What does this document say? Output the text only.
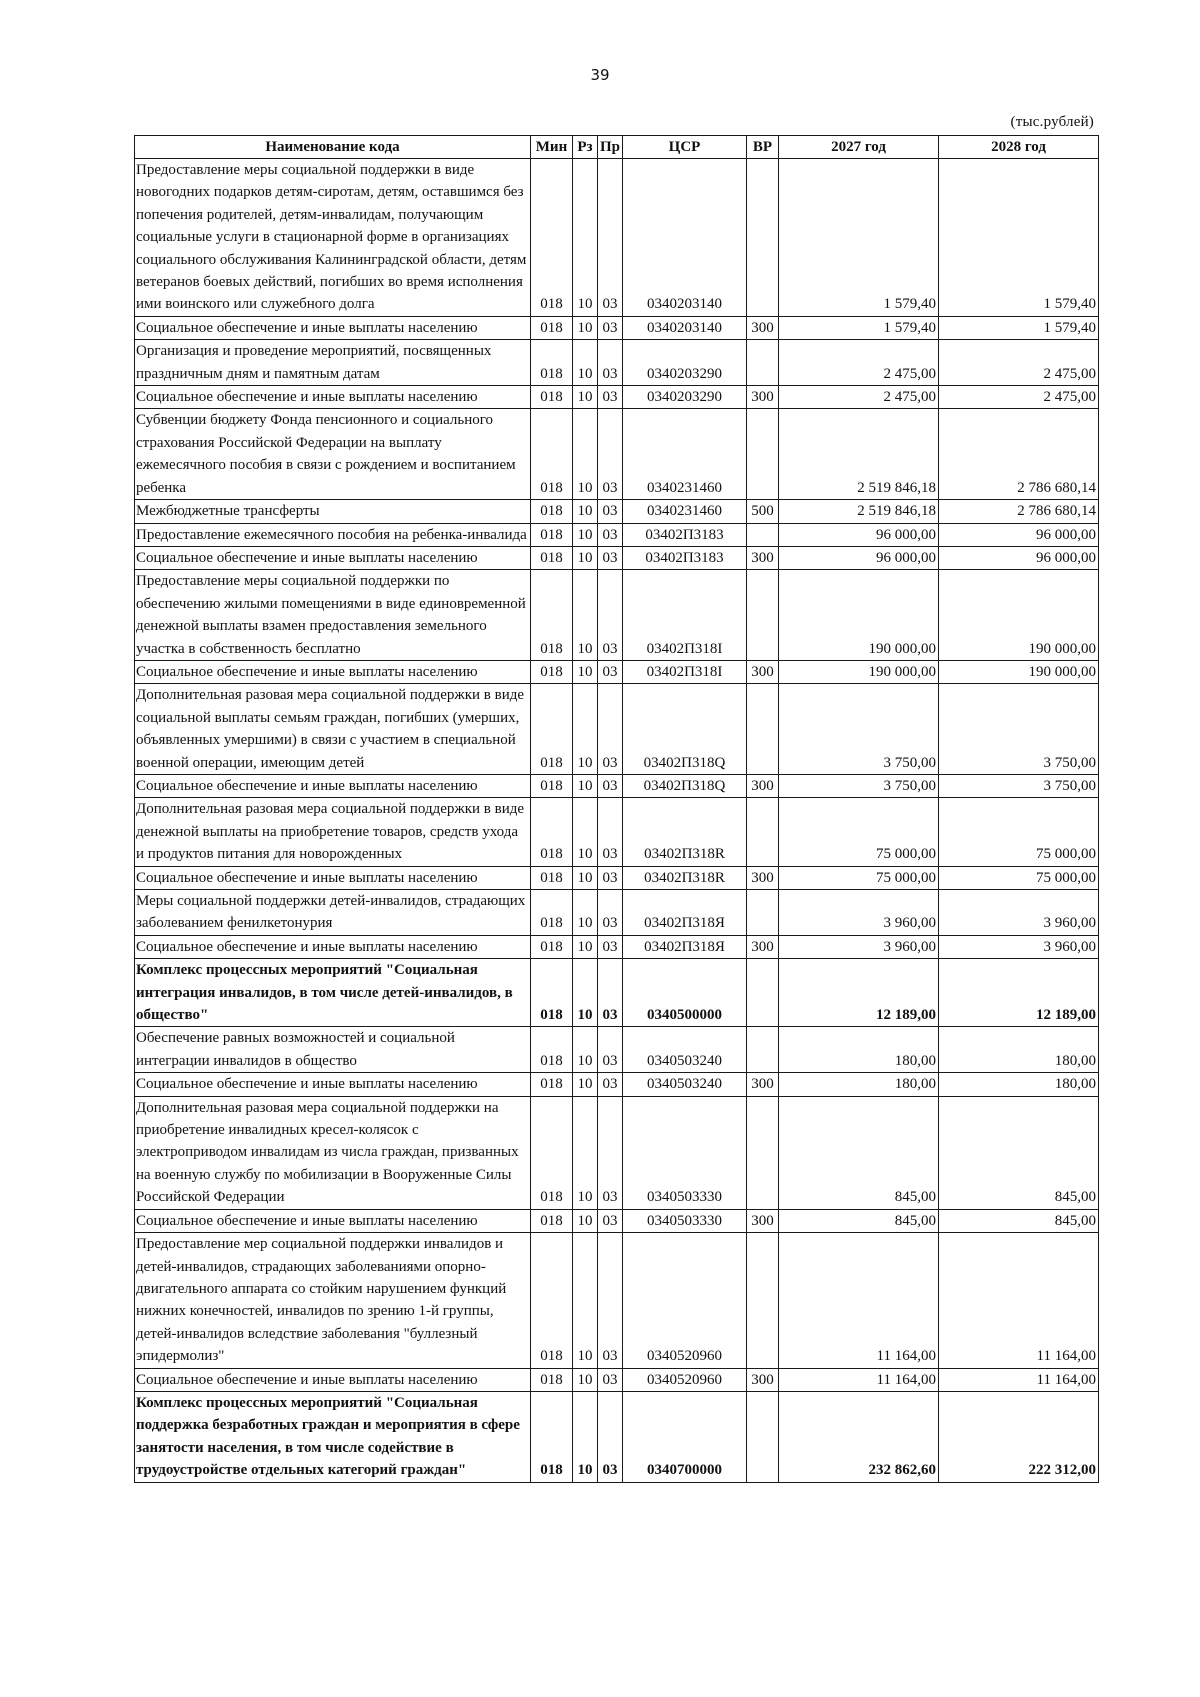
39
(тыс.рублей)
Наименование кода	Мин	Рз	Пр	ЦСР	ВР	2027 год	2028 год
Предоставление меры социальной поддержки в виде новогодних подарков детям-сиротам, детям, оставшимся без попечения родителей, детям-инвалидам, получающим социальные услуги в стационарной форме в организациях социального обслуживания Калининградской области, детям ветеранов боевых действий, погибших во время исполнения ими воинского или служебного долга	018	10	03	0340203140		1 579,40	1 579,40
Социальное обеспечение и иные выплаты населению	018	10	03	0340203140	300	1 579,40	1 579,40
Организация и проведение мероприятий, посвященных праздничным дням и памятным датам	018	10	03	0340203290		2 475,00	2 475,00
Социальное обеспечение и иные выплаты населению	018	10	03	0340203290	300	2 475,00	2 475,00
Субвенции бюджету Фонда пенсионного и социального страхования Российской Федерации на выплату ежемесячного пособия в связи с рождением и воспитанием ребенка	018	10	03	0340231460		2 519 846,18	2 786 680,14
Межбюджетные трансферты	018	10	03	0340231460	500	2 519 846,18	2 786 680,14
Предоставление ежемесячного пособия на ребенка-инвалида	018	10	03	03402П3183		96 000,00	96 000,00
Социальное обеспечение и иные выплаты населению	018	10	03	03402П3183	300	96 000,00	96 000,00
Предоставление меры социальной поддержки по обеспечению жилыми помещениями в виде единовременной денежной выплаты взамен предоставления земельного участка в собственность бесплатно	018	10	03	03402П318I		190 000,00	190 000,00
Социальное обеспечение и иные выплаты населению	018	10	03	03402П318I	300	190 000,00	190 000,00
Дополнительная разовая мера социальной поддержки в виде социальной выплаты семьям граждан, погибших (умерших, объявленных умершими) в связи с участием в специальной военной операции, имеющим детей	018	10	03	03402П318Q		3 750,00	3 750,00
Социальное обеспечение и иные выплаты населению	018	10	03	03402П318Q	300	3 750,00	3 750,00
Дополнительная разовая мера социальной поддержки в виде денежной выплаты на приобретение товаров, средств ухода и продуктов питания для новорожденных	018	10	03	03402П318R		75 000,00	75 000,00
Социальное обеспечение и иные выплаты населению	018	10	03	03402П318R	300	75 000,00	75 000,00
Меры социальной поддержки детей-инвалидов, страдающих заболеванием фенилкетонурия	018	10	03	03402П318Я		3 960,00	3 960,00
Социальное обеспечение и иные выплаты населению	018	10	03	03402П318Я	300	3 960,00	3 960,00
Комплекс процессных мероприятий "Социальная интеграция инвалидов, в том числе детей-инвалидов, в общество"	018	10	03	0340500000		12 189,00	12 189,00
Обеспечение равных возможностей и социальной интеграции инвалидов в общество	018	10	03	0340503240		180,00	180,00
Социальное обеспечение и иные выплаты населению	018	10	03	0340503240	300	180,00	180,00
Дополнительная разовая мера социальной поддержки на приобретение инвалидных кресел-колясок с электроприводом инвалидам из числа граждан, призванных на военную службу по мобилизации в Вооруженные Силы Российской Федерации	018	10	03	0340503330		845,00	845,00
Социальное обеспечение и иные выплаты населению	018	10	03	0340503330	300	845,00	845,00
Предоставление мер социальной поддержки инвалидов и детей-инвалидов, страдающих заболеваниями опорно-двигательного аппарата со стойким нарушением функций нижних конечностей, инвалидов по зрению 1-й группы, детей-инвалидов вследствие заболевания "буллезный эпидермолиз"	018	10	03	0340520960		11 164,00	11 164,00
Социальное обеспечение и иные выплаты населению	018	10	03	0340520960	300	11 164,00	11 164,00
Комплекс процессных мероприятий "Социальная поддержка безработных граждан и мероприятия в сфере занятости населения, в том числе содействие в трудоустройстве отдельных категорий граждан"	018	10	03	0340700000		232 862,60	222 312,00
